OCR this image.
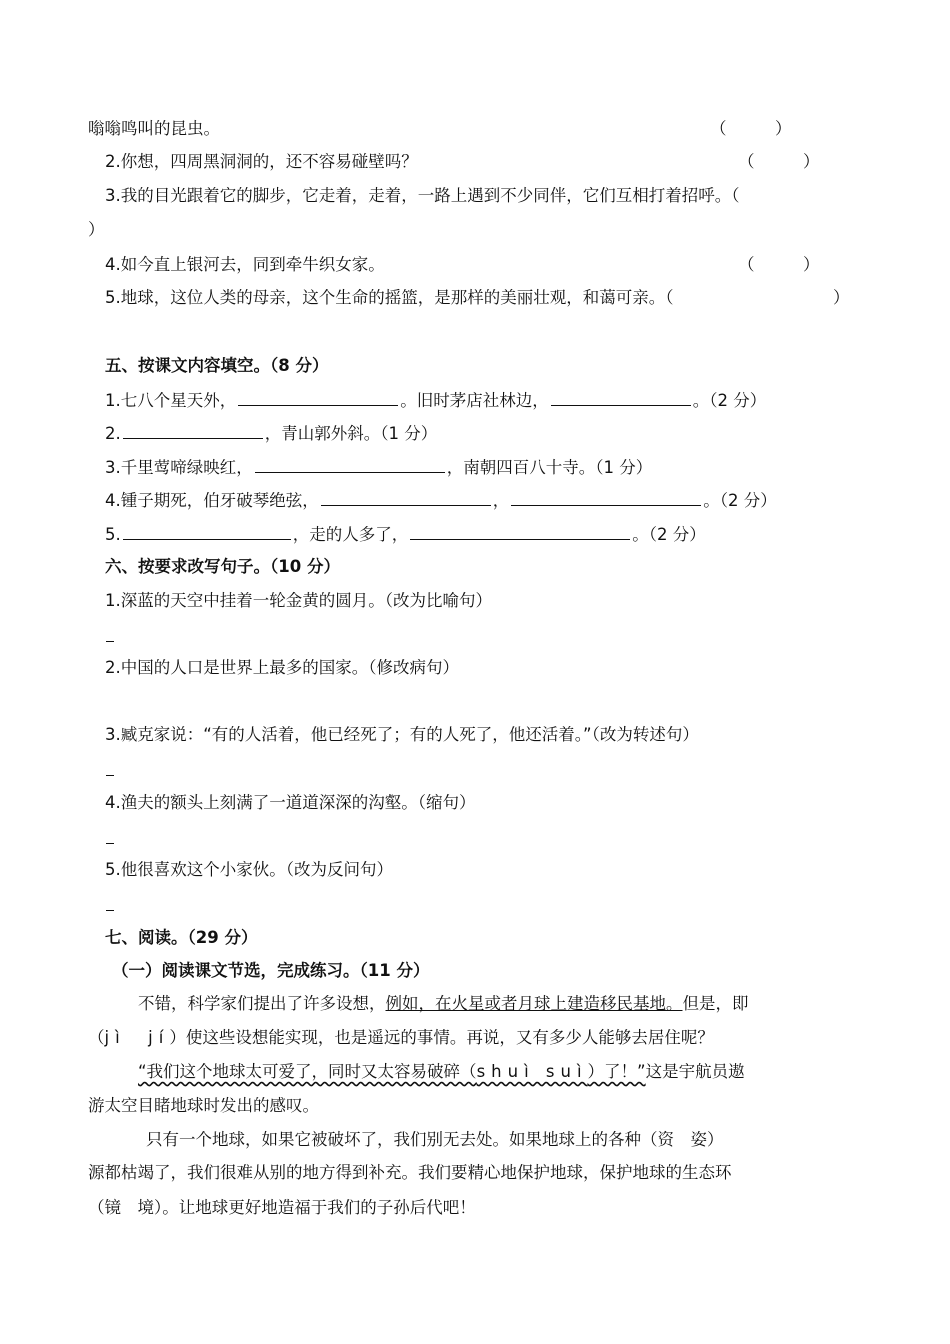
嗡嗡鸣叫的昆虫。	（	）
2.你想，四周黑洞洞的，还不容易碰壁吗？	（	）
3.我的目光跟着它的脚步，它走着，走着，一路上遇到不少同伴，它们互相打着招呼。（
）
4.如今直上银河去，同到牵牛织女家。	（	）
5.地球，这位人类的母亲，这个生命的摇篮，是那样的美丽壮观，和蔼可亲。（	）
五、按课文内容填空。（8 分）
1.七八个星天外，	。旧时茅店社林边，	。（2 分）
2.	，青山郭外斜。（1 分）
3.千里莺啼绿映红，	，南朝四百八十寺。（1 分）
4.锺子期死，伯牙破琴绝弦，	，	。（2 分）
5.	，走的人多了，	。（2 分）
六、按要求改写句子。（10 分）
1.深蓝的天空中挂着一轮金黄的圆月。（改为比喻句）
2.中国的人口是世界上最多的国家。（修改病句）
3.臧克家说：“有的人活着，他已经死了；有的人死了，他还活着。”（改为转述句）
4.渔夫的额头上刻满了一道道深深的沟壑。（缩句）
5.他很喜欢这个小家伙。（改为反问句）
七、阅读。（29 分）
（一）阅读课文节选，完成练习。（11 分）
不错，科学家们提出了许多设想，例如，在火星或者月球上建造移民基地。但是，即
（jì　jí）使这些设想能实现，也是遥远的事情。再说，又有多少人能够去居住呢？
“我们这个地球太可爱了，同时又太容易破碎（shuì suì）了！”这是宇航员遨
游太空目睹地球时发出的感叹。
只有一个地球，如果它被破坏了，我们别无去处。如果地球上的各种（资　姿）
源都枯竭了，我们很难从别的地方得到补充。我们要精心地保护地球，保护地球的生态环
（镜　境）。让地球更好地造福于我们的子孙后代吧！
